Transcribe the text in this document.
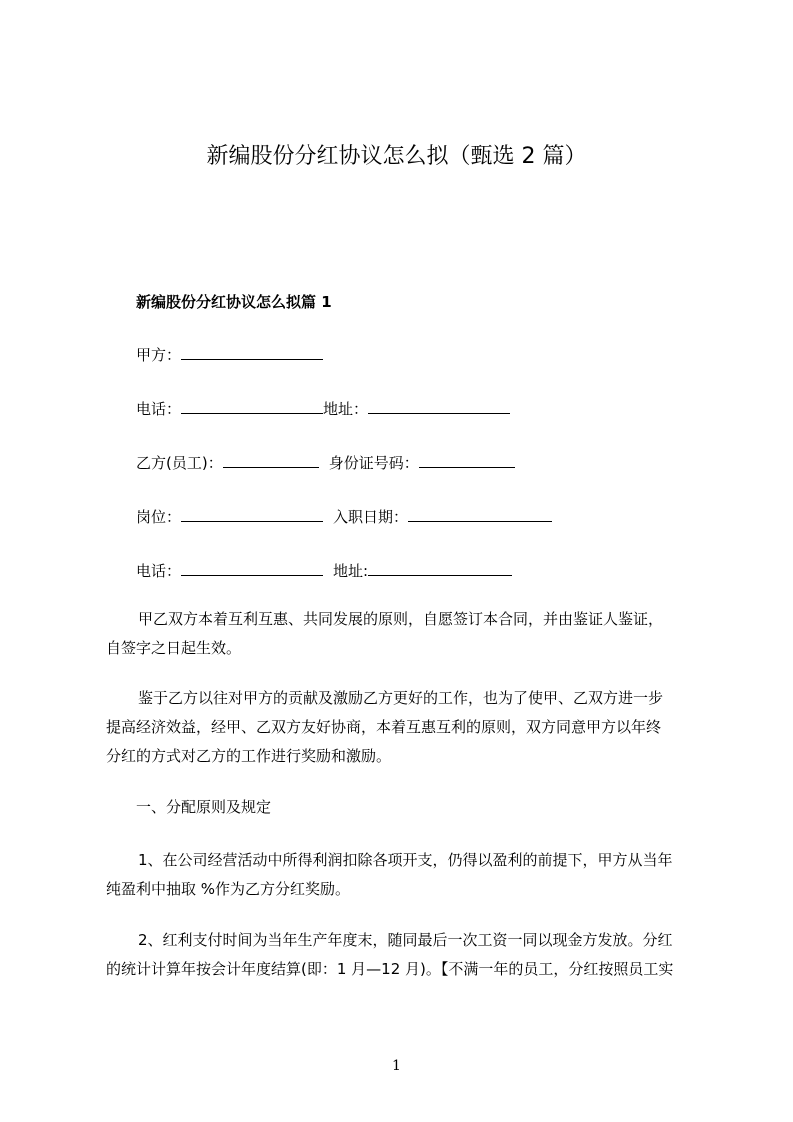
新编股份分红协议怎么拟（甄选 2 篇）
新编股份分红协议怎么拟篇 1
甲方：
电话：	地址：
乙方(员工)：	身份证号码：
岗位：	入职日期：
电话：	地址:
甲乙双方本着互利互惠、共同发展的原则，自愿签订本合同，并由鉴证人鉴证，
自签字之日起生效。
鉴于乙方以往对甲方的贡献及激励乙方更好的工作，也为了使甲、乙双方进一步
提高经济效益，经甲、乙双方友好协商，本着互惠互利的原则，双方同意甲方以年终
分红的方式对乙方的工作进行奖励和激励。
一、分配原则及规定
1、在公司经营活动中所得利润扣除各项开支，仍得以盈利的前提下，甲方从当年
纯盈利中抽取 %作为乙方分红奖励。
2、红利支付时间为当年生产年度末，随同最后一次工资一同以现金方发放。分红
的统计计算年按会计年度结算(即：1 月—12 月)。【不满一年的员工，分红按照员工实
1
